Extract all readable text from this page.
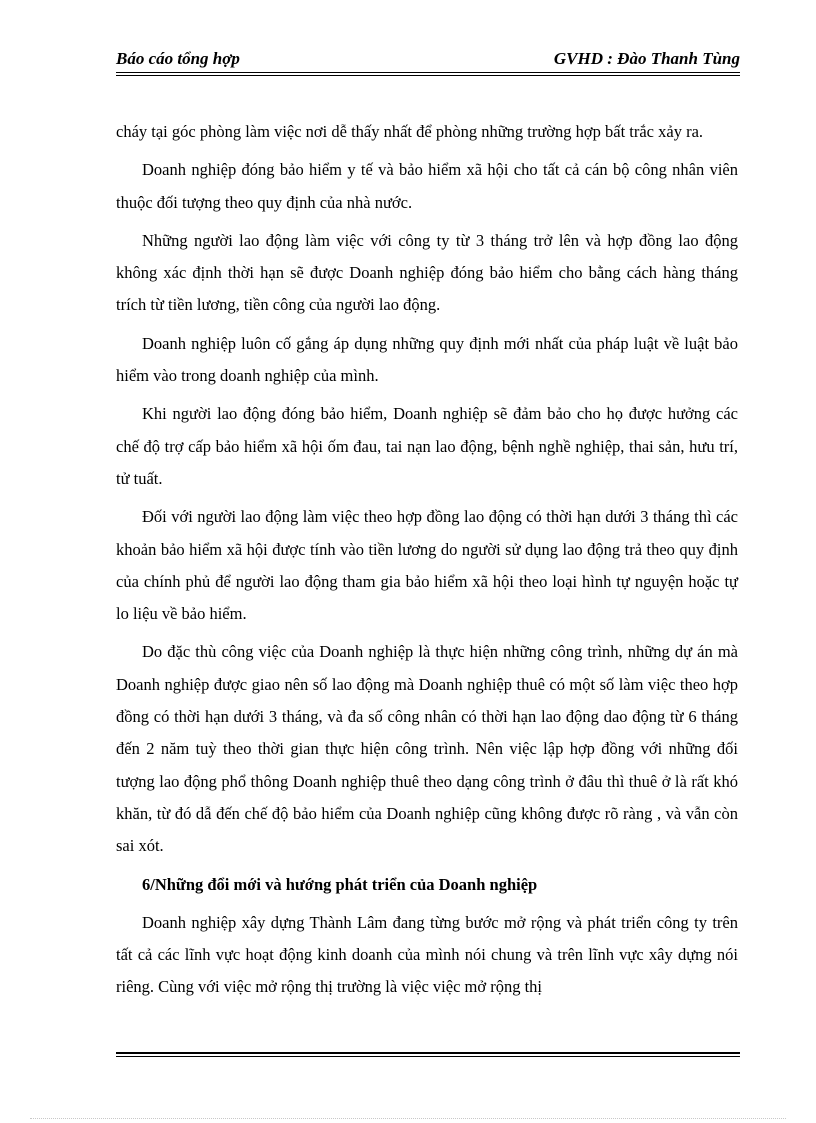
Báo cáo tổng hợp	GVHD : Đào Thanh Tùng

cháy tại góc phòng làm việc nơi dễ thấy nhất để phòng những trường hợp bất trắc xảy ra.

Doanh nghiệp đóng bảo hiểm y tế và bảo hiểm xã hội cho tất cả cán bộ công nhân viên thuộc đối tượng theo quy định của nhà nước.

Những người lao động làm việc với công ty từ 3 tháng trở lên và hợp đồng lao động không xác định thời hạn sẽ được Doanh nghiệp đóng bảo hiểm cho bằng cách hàng tháng trích từ tiền lương, tiền công của người lao động.

Doanh nghiệp luôn cố gắng áp dụng những quy định mới nhất của pháp luật về luật bảo hiểm vào trong doanh nghiệp của mình.

Khi người lao động đóng bảo hiểm, Doanh nghiệp sẽ đảm bảo cho họ được hưởng các chế độ trợ cấp bảo hiểm xã hội ốm đau, tai nạn lao động, bệnh nghề nghiệp, thai sản, hưu trí, tử tuất.

Đối với người lao động làm việc theo hợp đồng lao động có thời hạn dưới 3 tháng thì các khoản bảo hiểm xã hội được tính vào tiền lương do người sử dụng lao động trả theo quy định của chính phủ để người lao động tham gia bảo hiểm xã hội theo loại hình tự nguyện hoặc tự lo liệu về bảo hiểm.

Do đặc thù công việc của Doanh nghiệp là thực hiện những công trình, những dự án mà Doanh nghiệp được giao nên số lao động mà Doanh nghiệp thuê có một số làm việc theo hợp đồng có thời hạn dưới 3 tháng, và đa số công nhân có thời hạn lao động dao động từ 6 tháng đến 2 năm tuỳ theo thời gian thực hiện công trình. Nên việc lập hợp đồng với những đối tượng lao động phổ thông Doanh nghiệp thuê theo dạng công trình ở đâu thì thuê ở là rất khó khăn, từ đó dẫ đến chế độ bảo hiểm của Doanh nghiệp cũng không được rõ ràng , và vẫn còn sai xót.

6/Những đổi mới và hướng phát triển của Doanh nghiệp

Doanh nghiệp xây dựng Thành Lâm đang từng bước mở rộng và phát triển công ty trên tất cả các lĩnh vực hoạt động kinh doanh của mình nói chung và trên lĩnh vực xây dựng nói riêng. Cùng với việc mở rộng thị trường là việc việc mở rộng thị
